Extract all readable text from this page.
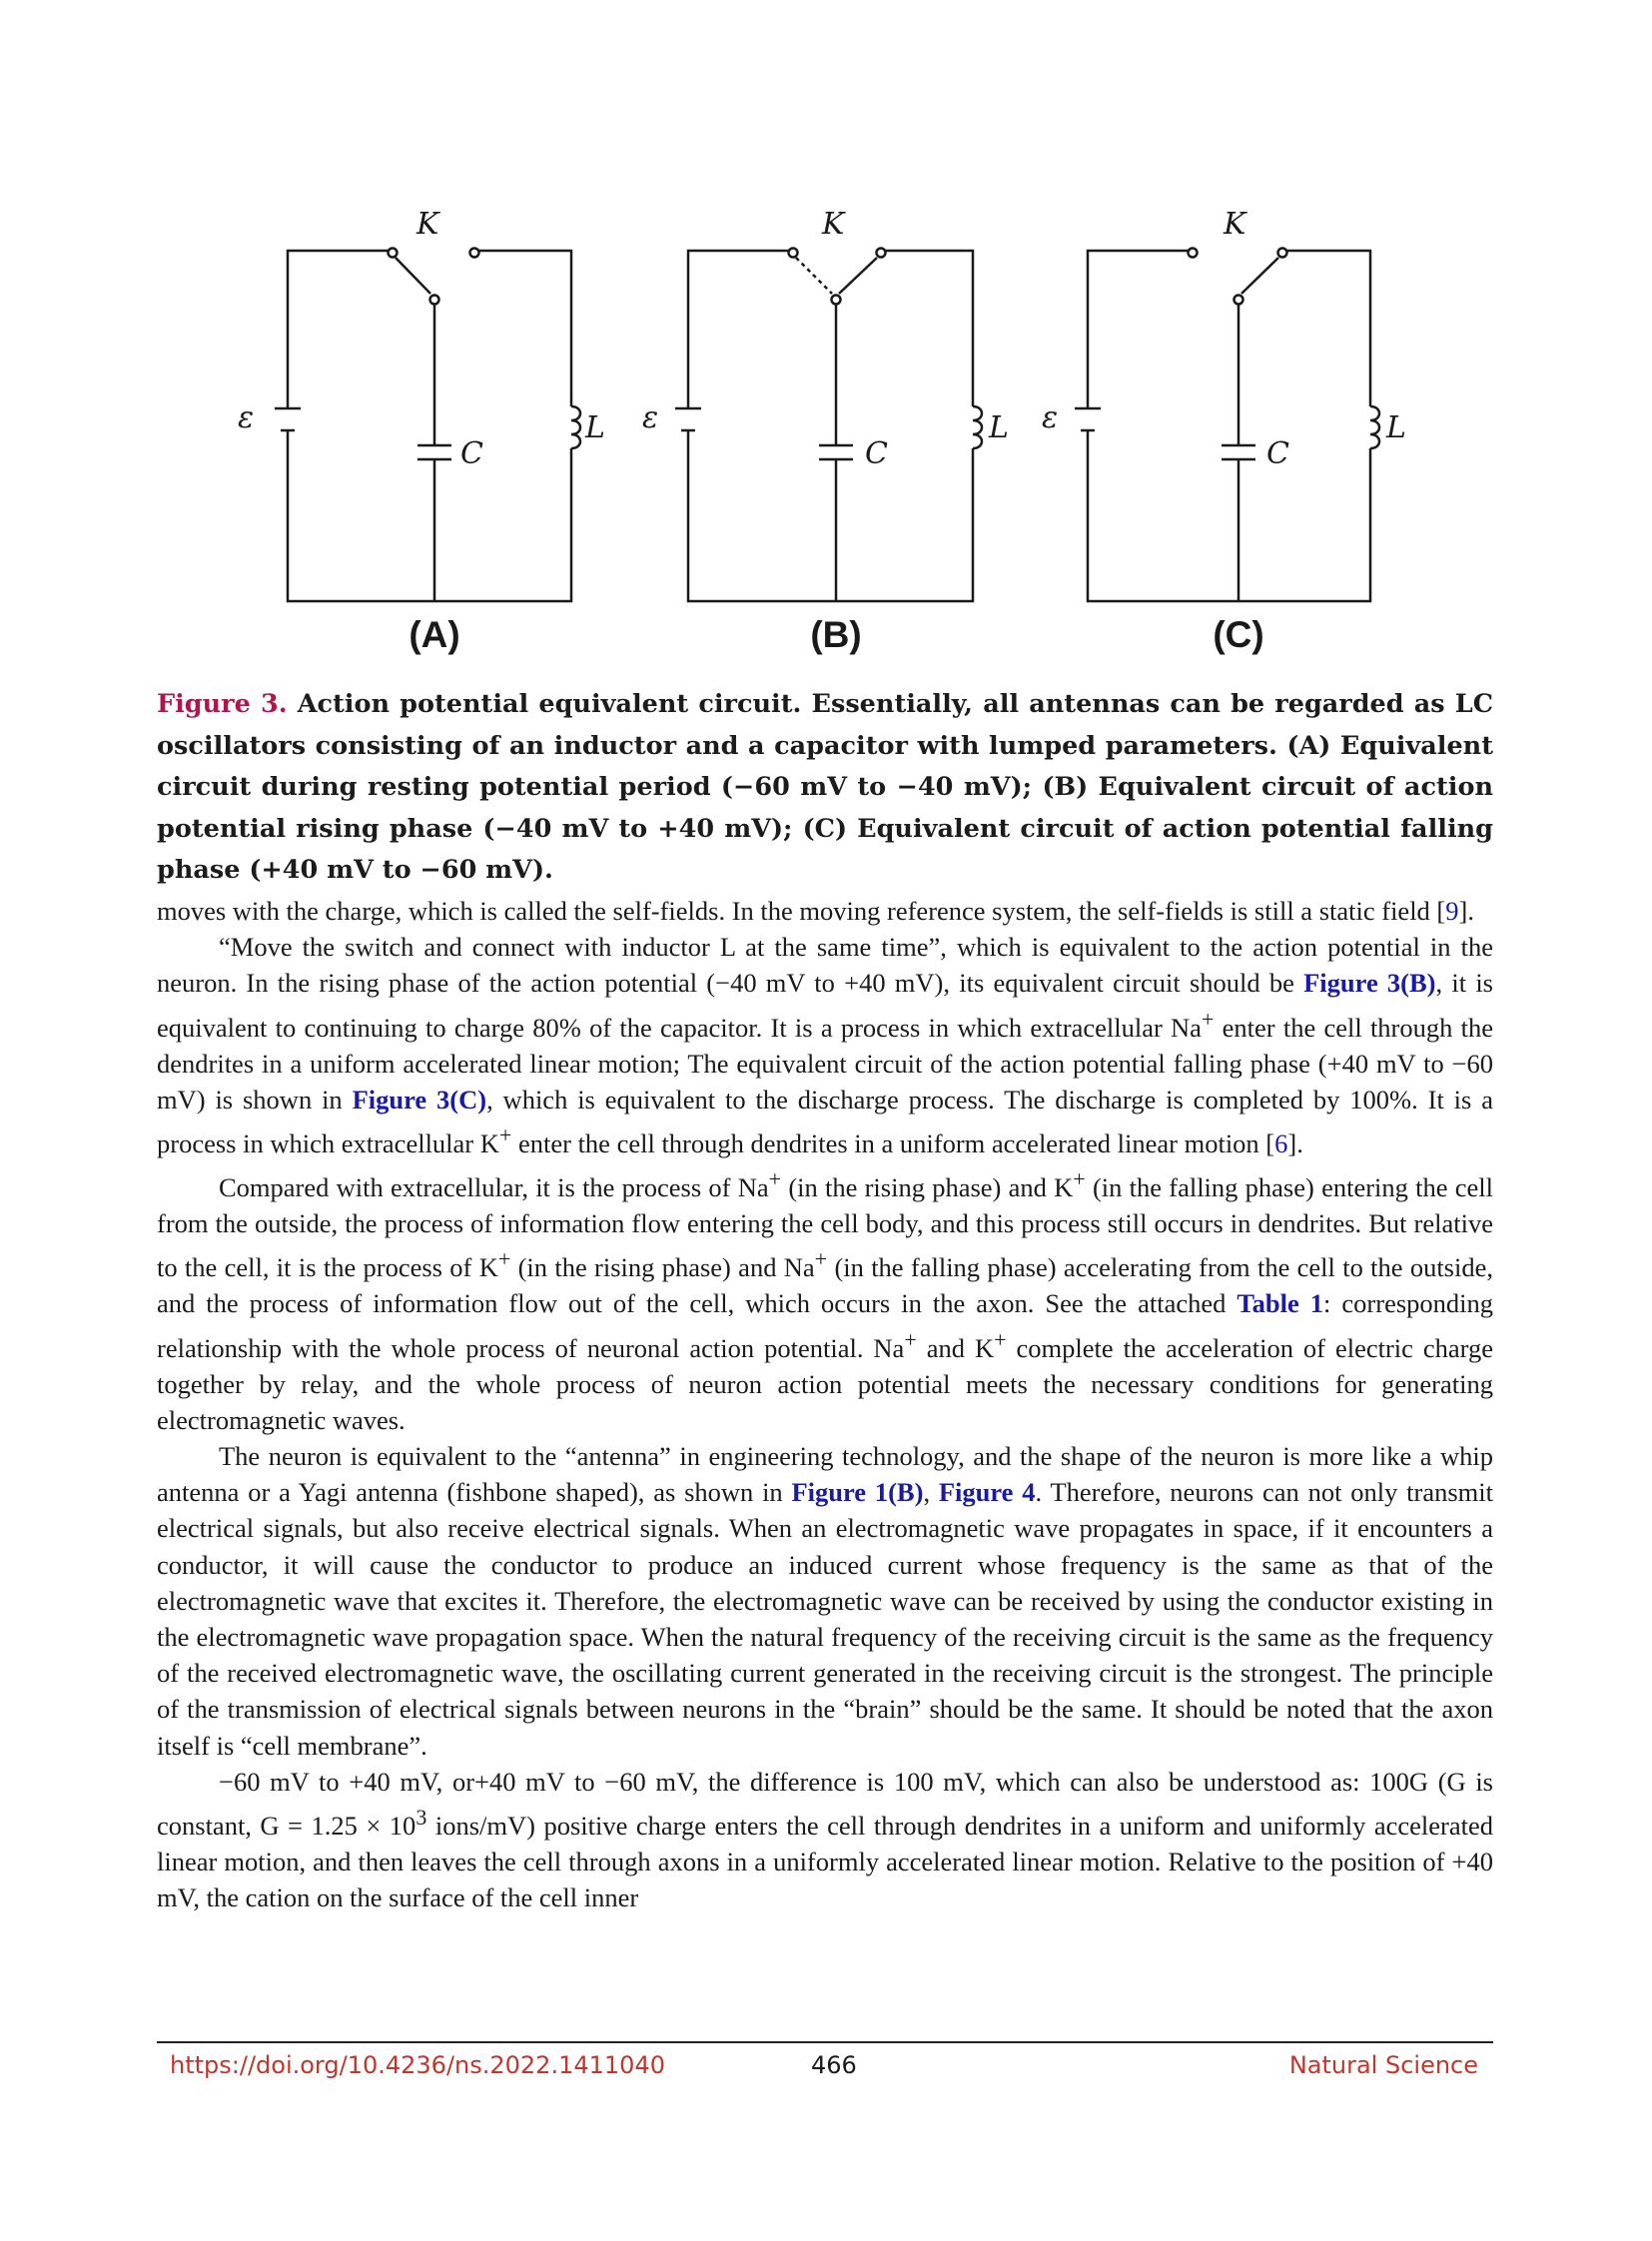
K
ε
C
L
K
ε
C
L
K
ε
C
L
(A)	(B)	(C)
Figure 3. Action potential equivalent circuit. Essentially, all antennas can be regarded as LC oscillators consisting of an inductor and a capacitor with lumped parameters. (A) Equivalent circuit during resting potential period (−60 mV to −40 mV); (B) Equivalent circuit of action potential rising phase (−40 mV to +40 mV); (C) Equivalent circuit of action potential falling phase (+40 mV to −60 mV).

moves with the charge, which is called the self-fields. In the moving reference system, the self-fields is still a static field [9].

“Move the switch and connect with inductor L at the same time”, which is equivalent to the action potential in the neuron. In the rising phase of the action potential (−40 mV to +40 mV), its equivalent circuit should be Figure 3(B), it is equivalent to continuing to charge 80% of the capacitor. It is a process in which extracellular Na+ enter the cell through the dendrites in a uniform accelerated linear motion; The equivalent circuit of the action potential falling phase (+40 mV to −60 mV) is shown in Figure 3(C), which is equivalent to the discharge process. The discharge is completed by 100%. It is a process in which extracellular K+ enter the cell through dendrites in a uniform accelerated linear motion [6].

Compared with extracellular, it is the process of Na+ (in the rising phase) and K+ (in the falling phase) entering the cell from the outside, the process of information flow entering the cell body, and this process still occurs in dendrites. But relative to the cell, it is the process of K+ (in the rising phase) and Na+ (in the falling phase) accelerating from the cell to the outside, and the process of information flow out of the cell, which occurs in the axon. See the attached Table 1: corresponding relationship with the whole process of neuronal action potential. Na+ and K+ complete the acceleration of electric charge together by relay, and the whole process of neuron action potential meets the necessary conditions for generating electromagnetic waves.

The neuron is equivalent to the “antenna” in engineering technology, and the shape of the neuron is more like a whip antenna or a Yagi antenna (fishbone shaped), as shown in Figure 1(B), Figure 4. Therefore, neurons can not only transmit electrical signals, but also receive electrical signals. When an electromagnetic wave propagates in space, if it encounters a conductor, it will cause the conductor to produce an induced current whose frequency is the same as that of the electromagnetic wave that excites it. Therefore, the electromagnetic wave can be received by using the conductor existing in the electromagnetic wave propagation space. When the natural frequency of the receiving circuit is the same as the frequency of the received electromagnetic wave, the oscillating current generated in the receiving circuit is the strongest. The principle of the transmission of electrical signals between neurons in the “brain” should be the same. It should be noted that the axon itself is “cell membrane”.

−60 mV to +40 mV, or+40 mV to −60 mV, the difference is 100 mV, which can also be understood as: 100G (G is constant, $G = 1.25 \times 10^3$ ions/mV) positive charge enters the cell through dendrites in a uniform and uniformly accelerated linear motion, and then leaves the cell through axons in a uniformly accelerated linear motion. Relative to the position of +40 mV, the cation on the surface of the cell inner

https://doi.org/10.4236/ns.2022.1411040	466	Natural Science
